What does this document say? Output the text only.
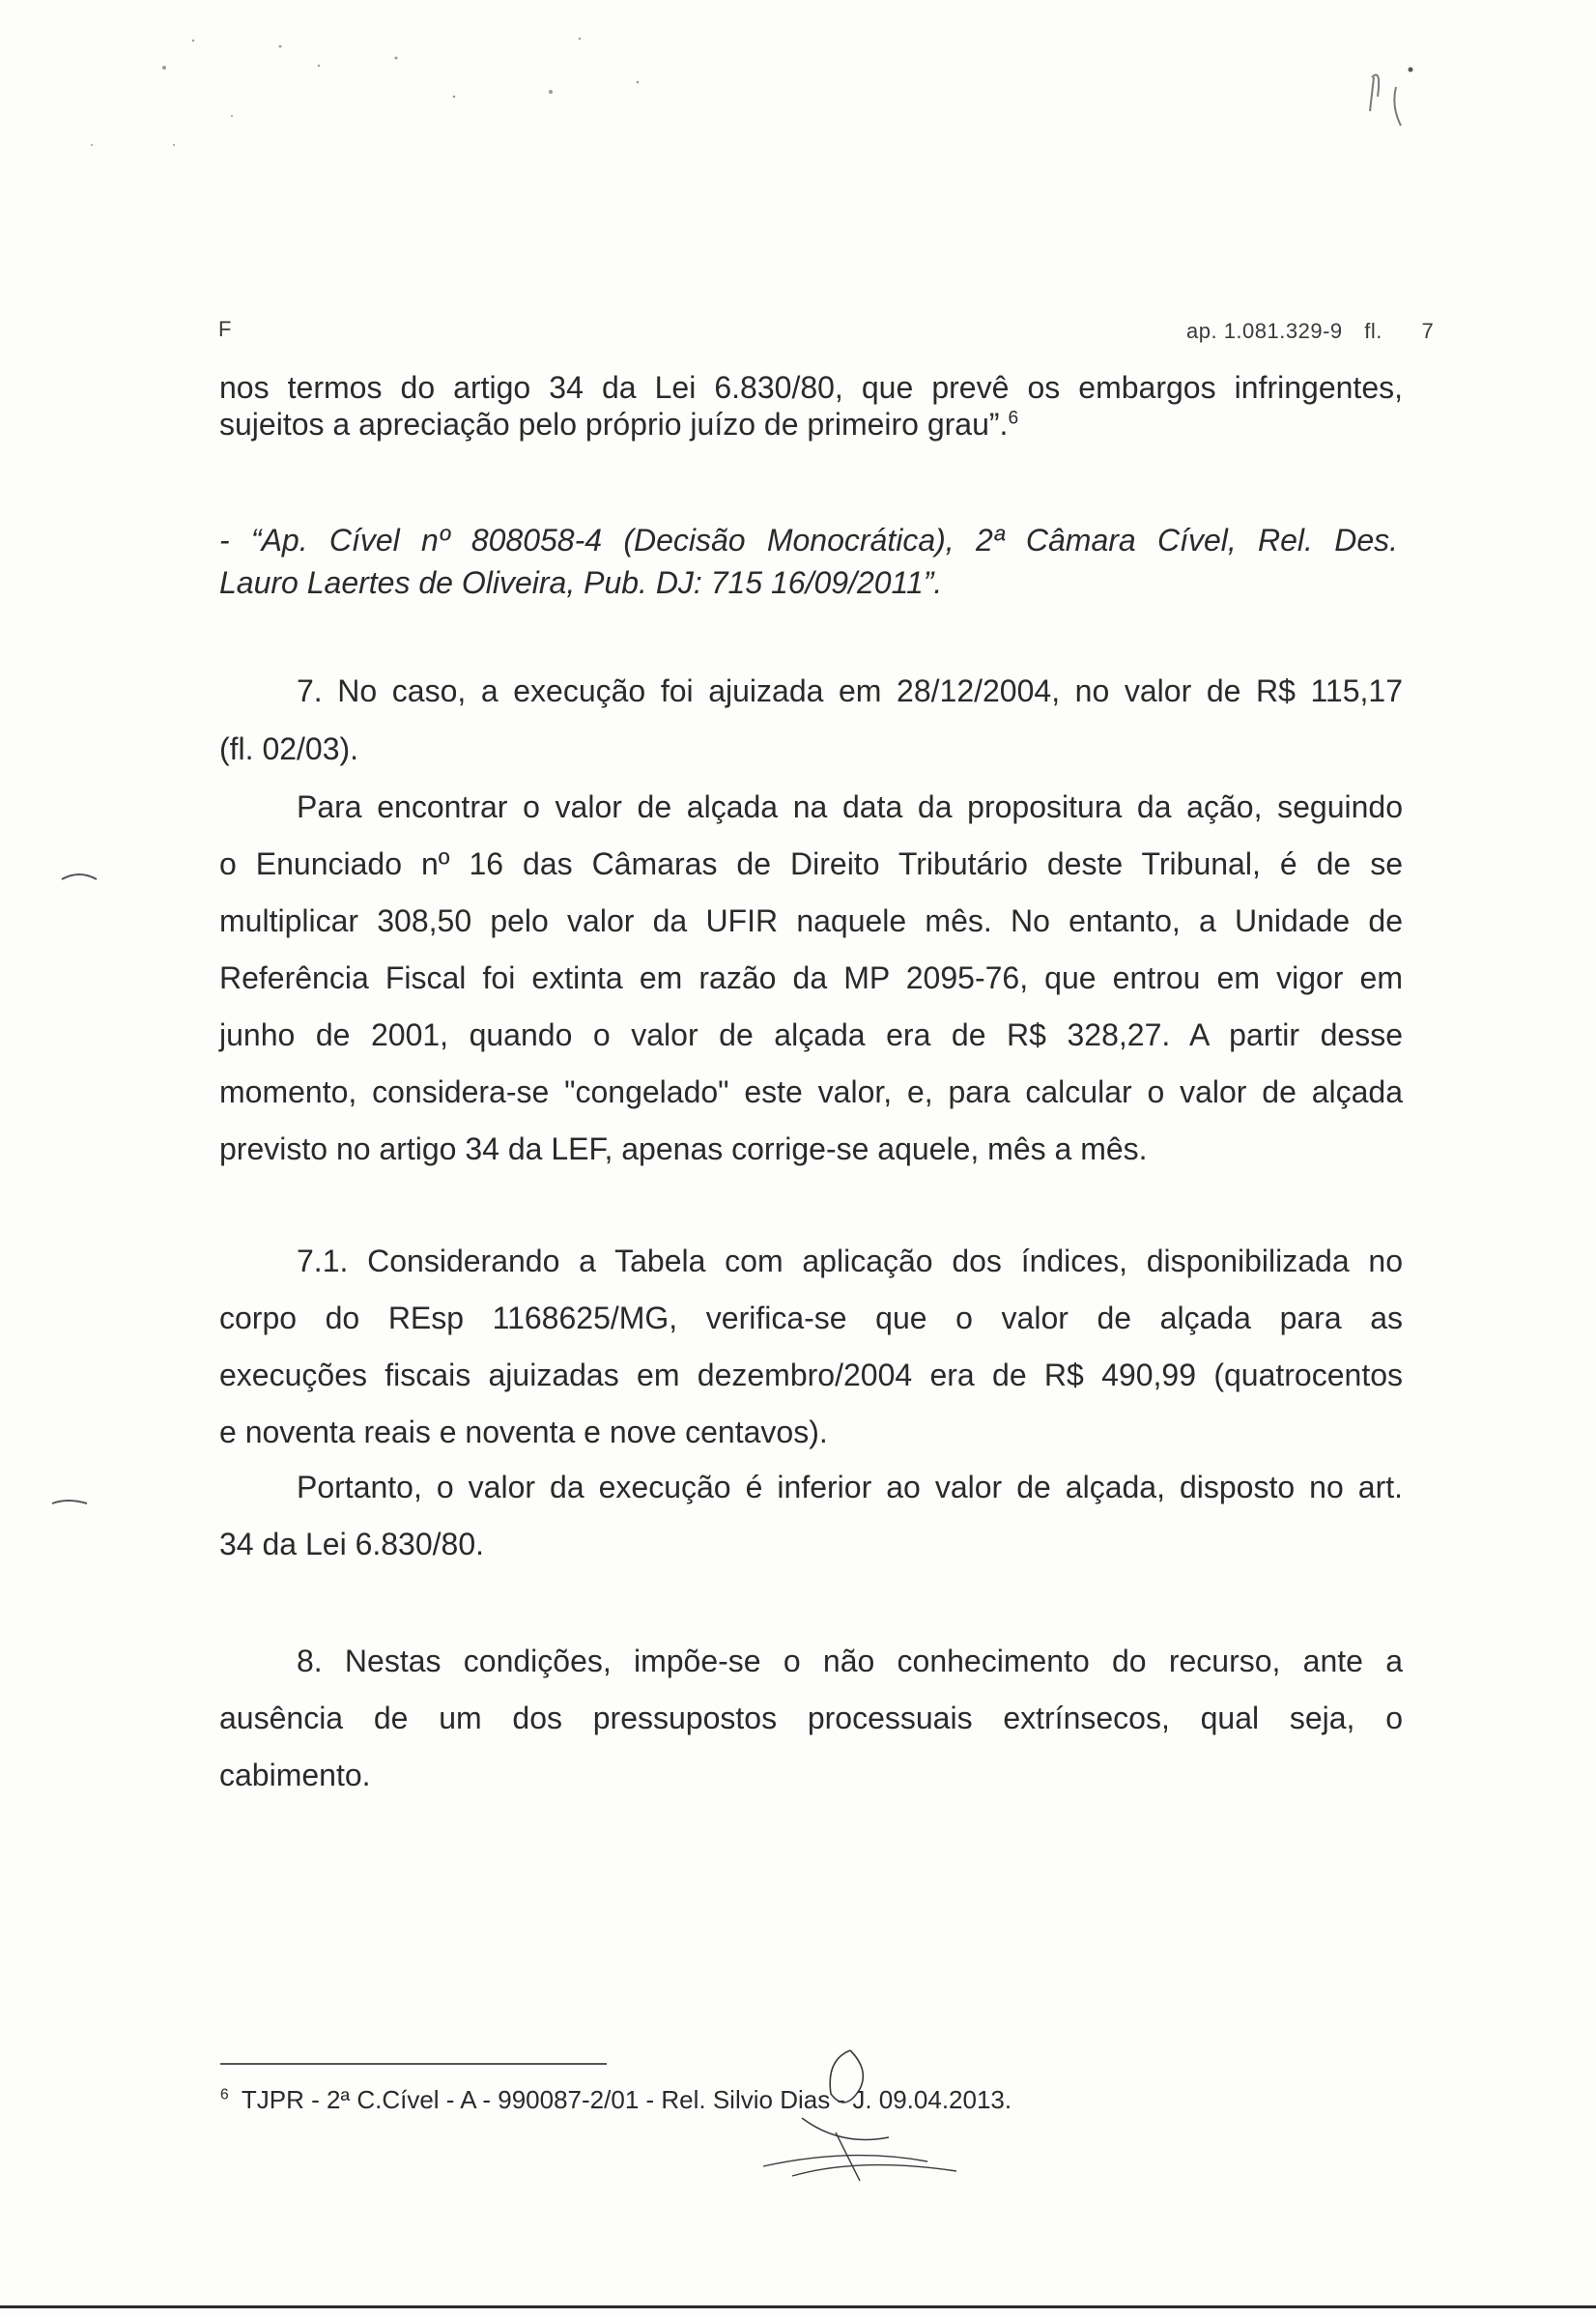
F	ap. 1.081.329-9 fl. 7
nos termos do artigo 34 da Lei 6.830/80, que prevê os embargos infringentes,
sujeitos a apreciação pelo próprio juízo de primeiro grau”.$^6$
- “Ap. Cível nº 808058-4 (Decisão Monocrática), 2ª Câmara Cível, Rel. Des.
Lauro Laertes de Oliveira, Pub. DJ: 715 16/09/2011”.
7. No caso, a execução foi ajuizada em 28/12/2004, no valor de R$ 115,17
(fl. 02/03).
Para encontrar o valor de alçada na data da propositura da ação, seguindo
o Enunciado nº 16 das Câmaras de Direito Tributário deste Tribunal, é de se
multiplicar 308,50 pelo valor da UFIR naquele mês. No entanto, a Unidade de
Referência Fiscal foi extinta em razão da MP 2095-76, que entrou em vigor em
junho de 2001, quando o valor de alçada era de R$ 328,27. A partir desse
momento, considera-se "congelado" este valor, e, para calcular o valor de alçada
previsto no artigo 34 da LEF, apenas corrige-se aquele, mês a mês.
7.1. Considerando a Tabela com aplicação dos índices, disponibilizada no
corpo do REsp 1168625/MG, verifica-se que o valor de alçada para as
execuções fiscais ajuizadas em dezembro/2004 era de R$ 490,99 (quatrocentos
e noventa reais e noventa e nove centavos).
Portanto, o valor da execução é inferior ao valor de alçada, disposto no art.
34 da Lei 6.830/80.
8. Nestas condições, impõe-se o não conhecimento do recurso, ante a
ausência de um dos pressupostos processuais extrínsecos, qual seja, o
cabimento.
$^6$ TJPR - 2ª C.Cível - A - 990087-2/01 - Rel. Silvio Dias - J. 09.04.2013.
